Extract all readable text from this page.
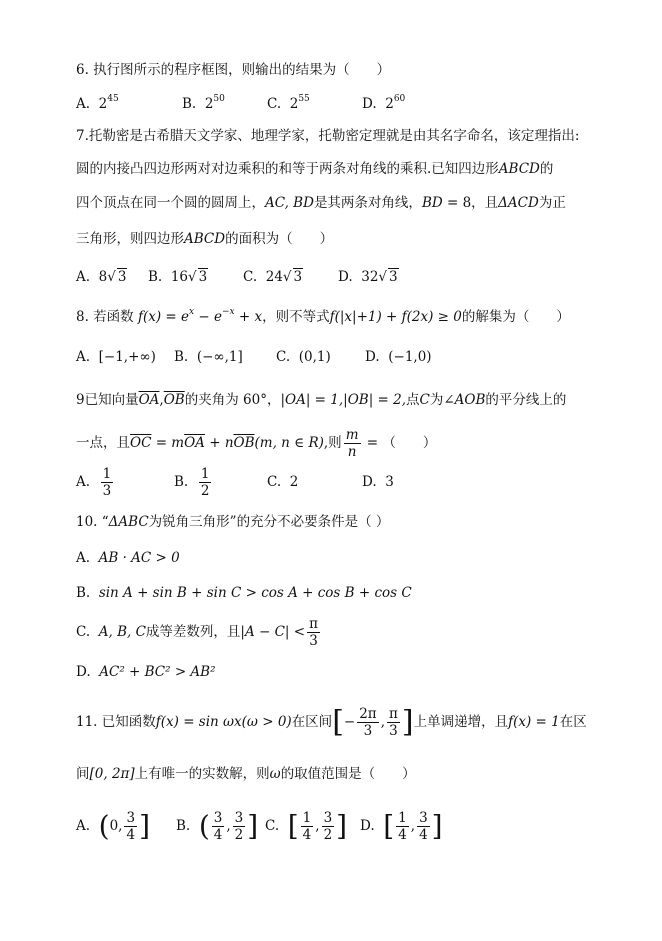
6. 执行图所示的程序框图，则输出的结果为（　　）
A. $2^{45}$	B. $2^{50}$	C. $2^{55}$	D. $2^{60}$
7.托勒密是古希腊天文学家、地理学家，托勒密定理就是由其名字命名，该定理指出:
圆的内接凸四边形两对对边乘积的和等于两条对角线的乘积.已知四边形ABCD的
四个顶点在同一个圆的圆周上，AC, BD是其两条对角线，BD = 8，且ΔACD为正
三角形，则四边形ABCD的面积为（　　）
A. 8√ 3 B. 16√ 3	C. 24√ 3	D. 32√ 3
8. 若函数 $f(x) = e^x - e^{-x} + x$，则不等式f(|x|+1) + f(2x) ≥ 0的解集为（　　）
A. [−1,+∞) B. (−∞,1] C. (0,1)	D. (−1,0)
9已知向量$\overline{OA},\overline{OB}$的夹角为 60°，|OA| = 1,|OB| = 2,点C为∠AOB的平分线上的
一点，且$\overline{OC} = m\overline{OA} + n\overline{OB}(m$, n ∈ R),则 $\frac{m}{n}$ = （　　）
A. $\frac{1}{3}$	B. $\frac{1}{2}$	C. 2	D. 3
10. “ΔABC为锐角三角形”的充分不必要条件是（ ）
A. AB · AC > 0
B. sin A + sin B + sin C > cos A + cos B + cos C
C. A, B, C成等差数列，且$|A - C| < \frac{\pi}{3}$
D. AC² + BC² > AB²
11. 已知函数f(x) = sin ωx(ω > 0)在区间[− $\frac{2\pi}{3}$ , $\frac{\pi}{3}$ ]上单调递增，且f(x) = 1在区
间[0, 2π]上有唯一的实数解，则ω的取值范围是（　　）
A. (0, $\frac{3}{4}$ ] B. ( $\frac{3}{4}$ , $\frac{3}{2}$ ] C. [ $\frac{1}{4}$ , $\frac{3}{2}$ ] D. [ $\frac{1}{4}$ , $\frac{3}{4}$ ]
